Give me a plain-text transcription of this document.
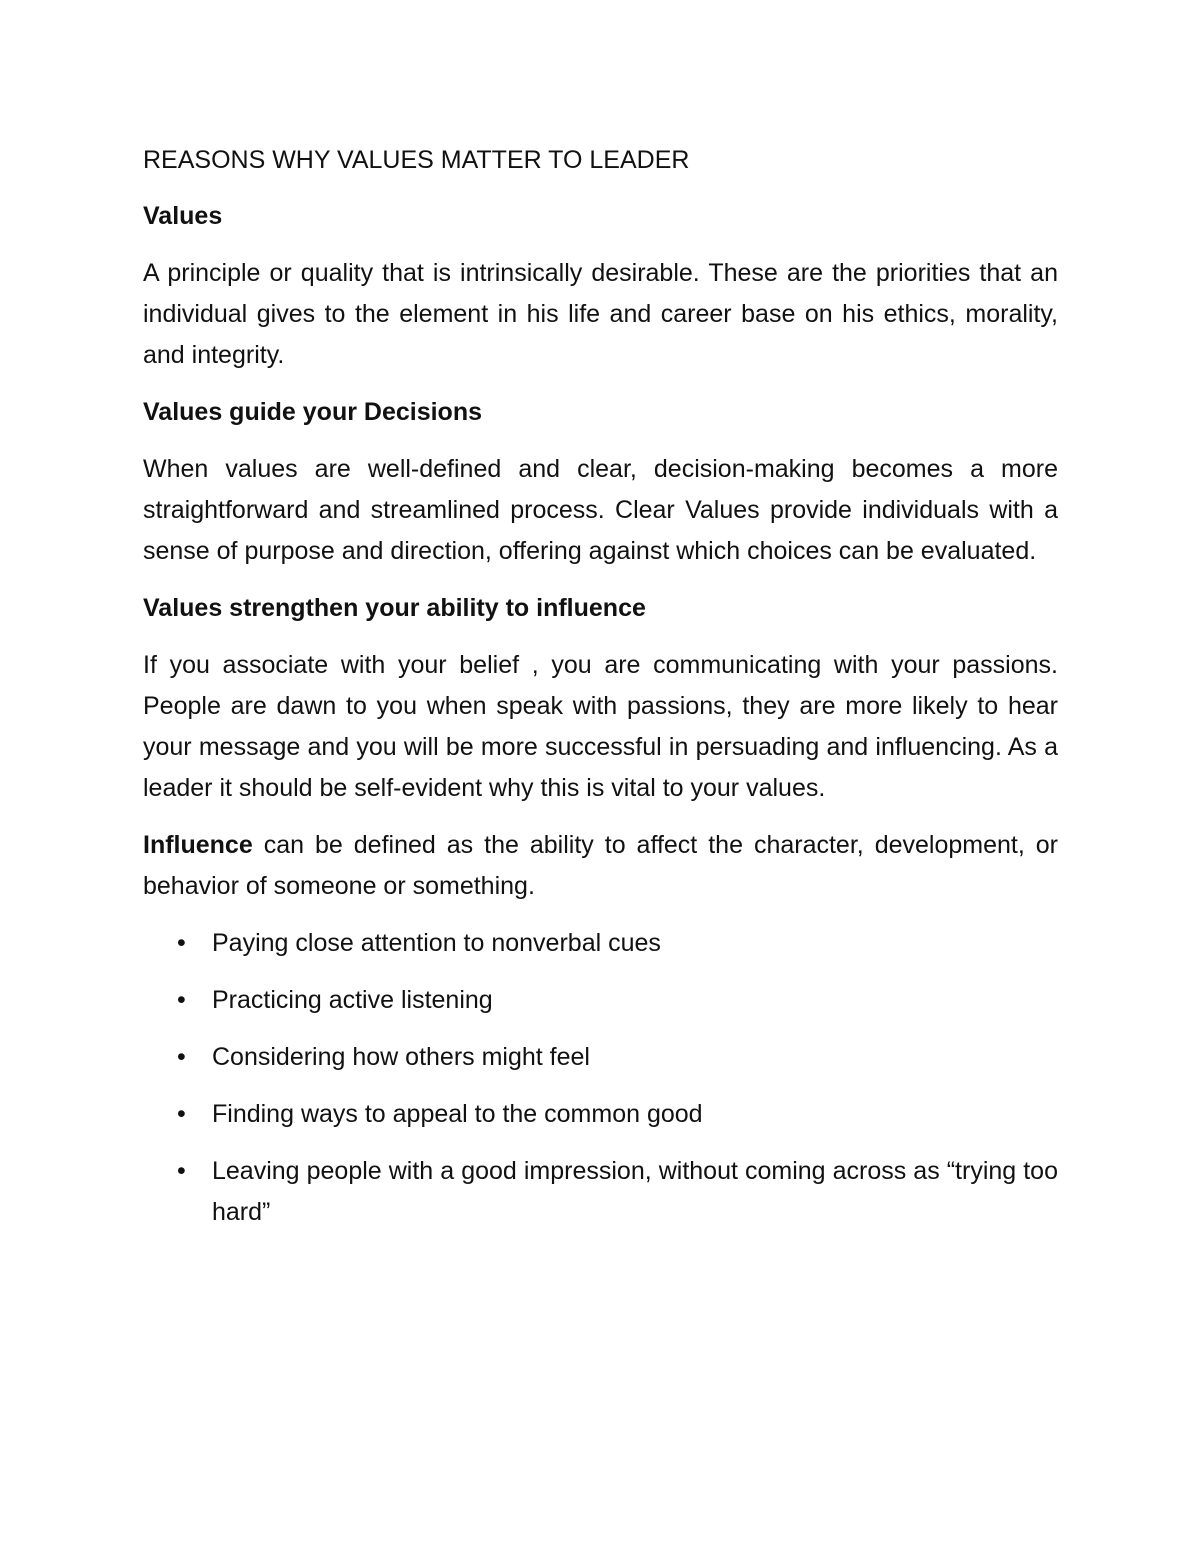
REASONS WHY VALUES MATTER TO LEADER

Values

A principle or quality that is intrinsically desirable. These are the priorities that an individual gives to the element in his life and career base on his ethics, morality, and integrity.

Values guide your Decisions

When values are well-defined and clear, decision-making becomes a more straightforward and streamlined process. Clear Values provide individuals with a sense of purpose and direction, offering against which choices can be evaluated.

Values strengthen your ability to influence

If you associate with your belief , you are communicating with your passions. People are dawn to you when speak with passions, they are more likely to hear your message and you will be more successful in persuading and influencing. As a leader it should be self-evident why this is vital to your values.

Influence can be defined as the ability to affect the character, development, or behavior of someone or something.

• Paying close attention to nonverbal cues
• Practicing active listening
• Considering how others might feel
• Finding ways to appeal to the common good
• Leaving people with a good impression, without coming across as “trying too hard”
